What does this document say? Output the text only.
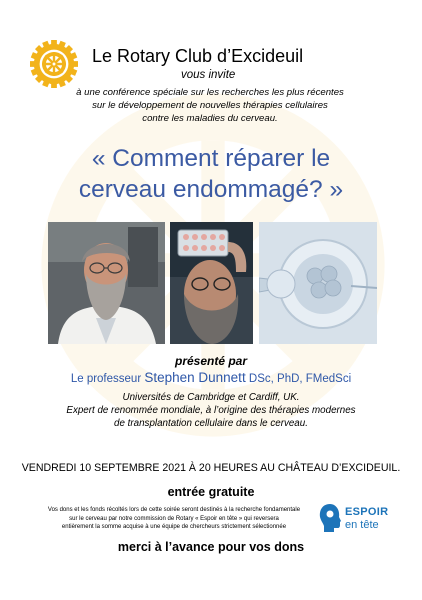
Le Rotary Club d’Excideuil
vous invite
à une conférence spéciale sur les recherches les plus récentes
sur le développement de nouvelles thérapies cellulaires
contre les maladies du cerveau.
« Comment réparer le
cerveau endommagé? »
présenté par
Le professeur Stephen Dunnett DSc, PhD, FMedSci
Universités de Cambridge et Cardiff, UK.
Expert de renommée mondiale, à l’origine des thérapies modernes
de transplantation cellulaire dans le cerveau.
VENDREDI 10 SEPTEMBRE 2021 À 20 HEURES AU CHÂTEAU D’EXCIDEUIL.
entrée gratuite
Vos dons et les fonds récoltés lors de cette soirée seront destinés à la recherche fondamentale
sur le cerveau par notre commission de Rotary « Espoir en tête » qui reversera
entièrement la somme acquise à une équipe de chercheurs strictement sélectionnée
ESPOIR
en tête
merci à l’avance pour vos dons
